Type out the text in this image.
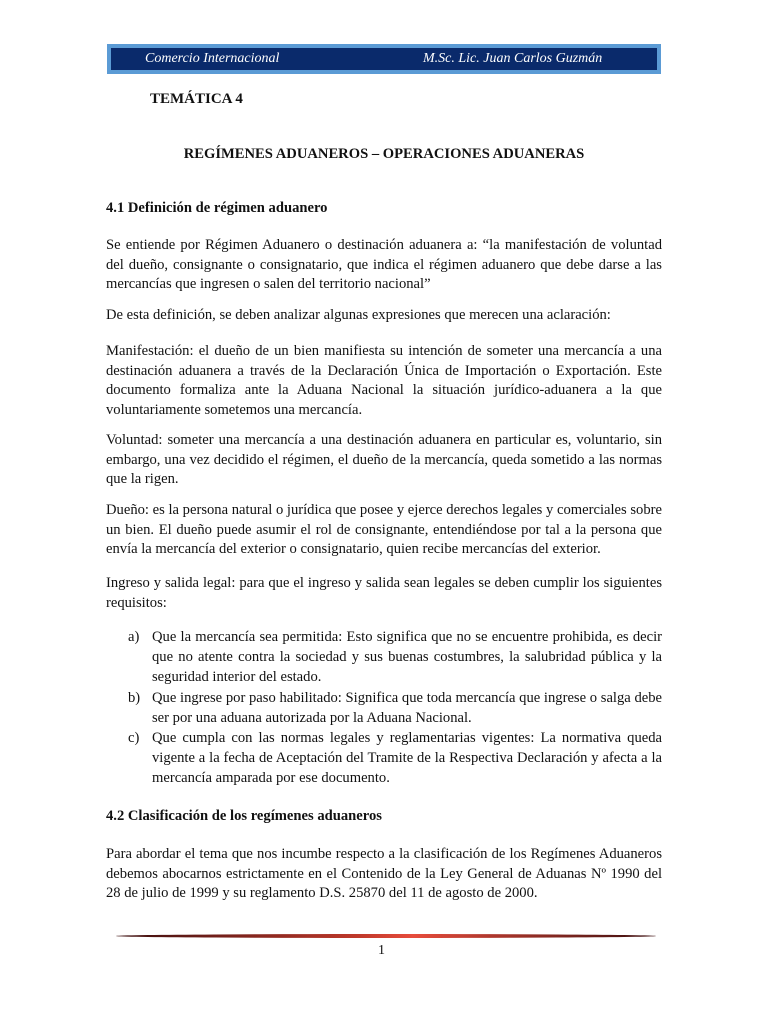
Comercio Internacional	M.Sc. Lic. Juan Carlos Guzmán
TEMÁTICA 4
REGÍMENES ADUANEROS – OPERACIONES ADUANERAS
4.1 Definición de régimen aduanero
Se entiende por Régimen Aduanero o destinación aduanera a: “la manifestación de voluntad del dueño, consignante o consignatario, que indica el régimen aduanero que debe darse a las mercancías que ingresen o salen del territorio nacional”
De esta definición, se deben analizar algunas expresiones que merecen una aclaración:
Manifestación: el dueño de un bien manifiesta su intención de someter una mercancía a una destinación aduanera a través de la Declaración Única de Importación o Exportación. Este documento formaliza ante la Aduana Nacional la situación jurídico-aduanera a la que voluntariamente sometemos una mercancía.
Voluntad: someter una mercancía a una destinación aduanera en particular es, voluntario, sin embargo, una vez decidido el régimen, el dueño de la mercancía, queda sometido a las normas que la rigen.
Dueño: es la persona natural o jurídica que posee y ejerce derechos legales y comerciales sobre un bien. El dueño puede asumir el rol de consignante, entendiéndose por tal a la persona que envía la mercancía del exterior o consignatario, quien recibe mercancías del exterior.
Ingreso y salida legal: para que el ingreso y salida sean legales se deben cumplir los siguientes requisitos:
a) Que la mercancía sea permitida: Esto significa que no se encuentre prohibida, es decir que no atente contra la sociedad y sus buenas costumbres, la salubridad pública y la seguridad interior del estado.
b) Que ingrese por paso habilitado: Significa que toda mercancía que ingrese o salga debe ser por una aduana autorizada por la Aduana Nacional.
c) Que cumpla con las normas legales y reglamentarias vigentes: La normativa queda vigente a la fecha de Aceptación del Tramite de la Respectiva Declaración y afecta a la mercancía amparada por ese documento.
4.2 Clasificación de los regímenes aduaneros
Para abordar el tema que nos incumbe respecto a la clasificación de los Regímenes Aduaneros debemos abocarnos estrictamente en el Contenido de la Ley General de Aduanas Nº 1990 del 28 de julio de 1999 y su reglamento D.S. 25870 del 11 de agosto de 2000.
1
